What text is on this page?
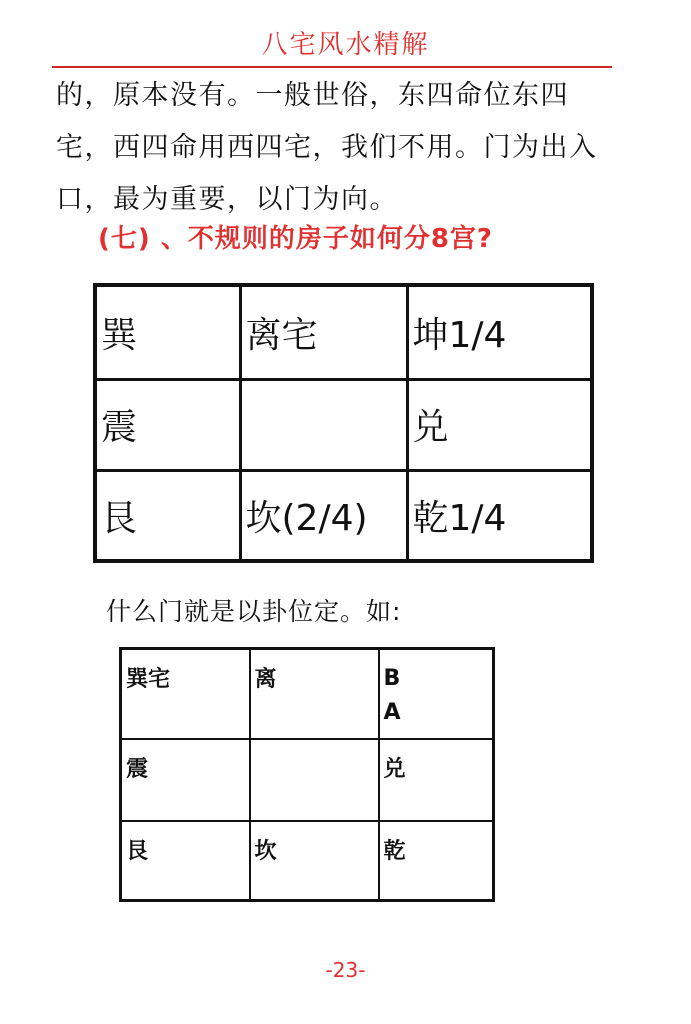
八宅风水精解
的，原本没有。一般世俗，东四命位东四宅，西四命用西四宅，我们不用。门为出入口，最为重要，以门为向。
(七) 、不规则的房子如何分8宫?
巽	离宅	坤1/4
震		兑
艮	坎(2/4)	乾1/4
什么门就是以卦位定。如:
巽宅	离	B
A

震		兑
艮	坎	乾
-23-
